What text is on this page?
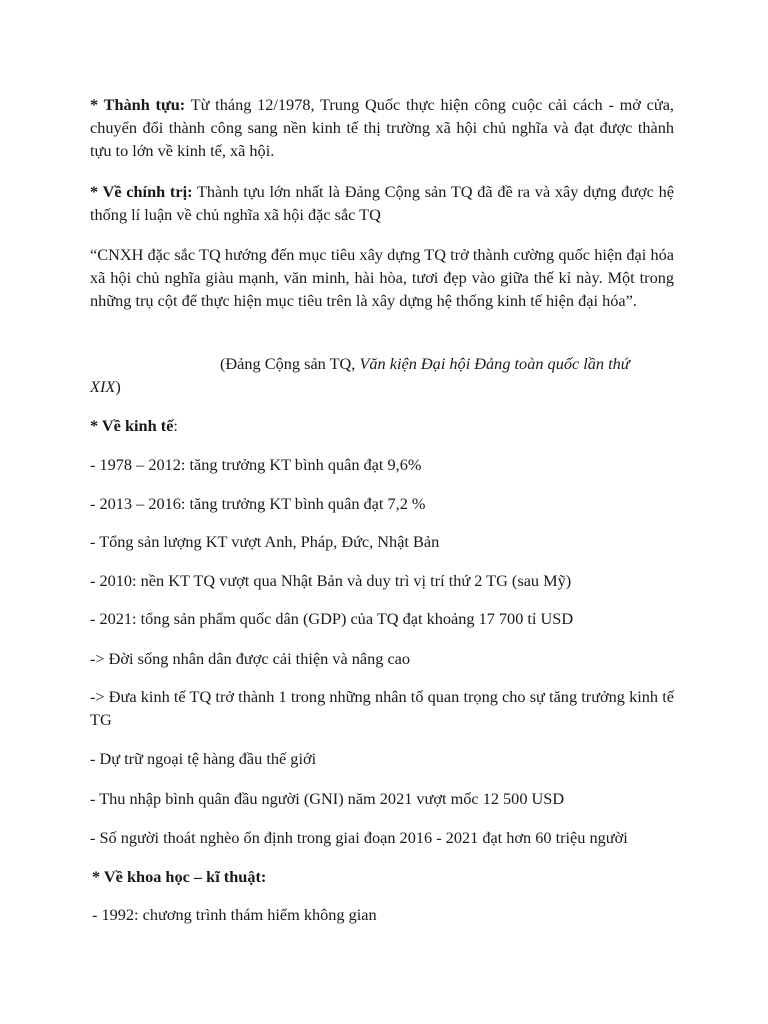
* Thành tựu: Từ tháng 12/1978, Trung Quốc thực hiện công cuộc cải cách - mở cửa, chuyển đổi thành công sang nền kinh tế thị trường xã hội chủ nghĩa và đạt được thành tựu to lớn về kinh tế, xã hội.

* Về chính trị: Thành tựu lớn nhất là Đảng Cộng sản TQ đã đề ra và xây dựng được hệ thống lí luận về chủ nghĩa xã hội đặc sắc TQ

“CNXH đặc sắc TQ hướng đến mục tiêu xây dựng TQ trở thành cường quốc hiện đại hóa xã hội chủ nghĩa giàu mạnh, văn minh, hài hòa, tươi đẹp vào giữa thế kỉ này. Một trong những trụ cột để thực hiện mục tiêu trên là xây dựng hệ thống kinh tế hiện đại hóa”.

(Đảng Cộng sản TQ, Văn kiện Đại hội Đảng toàn quốc lần thứ
XIX)

* Về kinh tế:

- 1978 – 2012: tăng trưởng KT bình quân đạt 9,6%

- 2013 – 2016: tăng trưởng KT bình quân đạt 7,2 %

- Tổng sản lượng KT vượt Anh, Pháp, Đức, Nhật Bản

- 2010: nền KT TQ vượt qua Nhật Bản và duy trì vị trí thứ 2 TG (sau Mỹ)

- 2021: tổng sản phẩm quốc dân (GDP) của TQ đạt khoảng 17 700 tỉ USD

-> Đời sống nhân dân được cải thiện và nâng cao

-> Đưa kinh tế TQ trở thành 1 trong những nhân tố quan trọng cho sự tăng trưởng kinh tế TG

- Dự trữ ngoại tệ hàng đầu thế giới

- Thu nhập bình quân đầu người (GNI) năm 2021 vượt mốc 12 500 USD

- Số người thoát nghèo ổn định trong giai đoạn 2016 - 2021 đạt hơn 60 triệu người

* Về khoa học – kĩ thuật:

- 1992: chương trình thám hiểm không gian
